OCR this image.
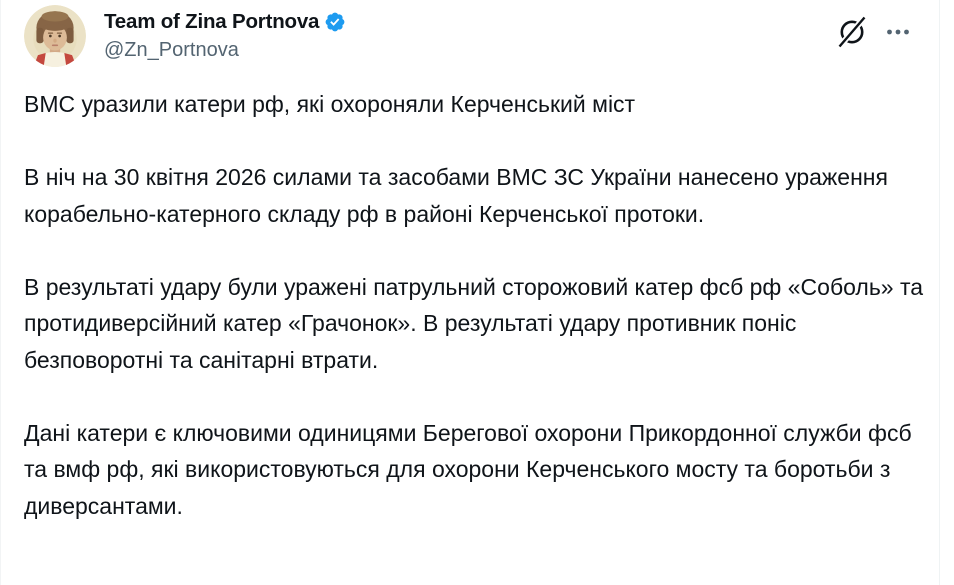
Team of Zina Portnova
@Zn_Portnova

ВМС уразили катери рф, які охороняли Керченський міст

В ніч на 30 квітня 2026 силами та засобами ВМС ЗС України нанесено ураження корабельно-катерного складу рф в районі Керченської протоки.

В результаті удару були уражені патрульний сторожовий катер фсб рф «Соболь» та протидиверсійний катер «Грачонок». В результаті удару противник поніс безповоротні та санітарні втрати.

Дані катери є ключовими одиницями Берегової охорони Прикордонної служби фсб та вмф рф, які використовуються для охорони Керченського мосту та боротьби з диверсантами.
